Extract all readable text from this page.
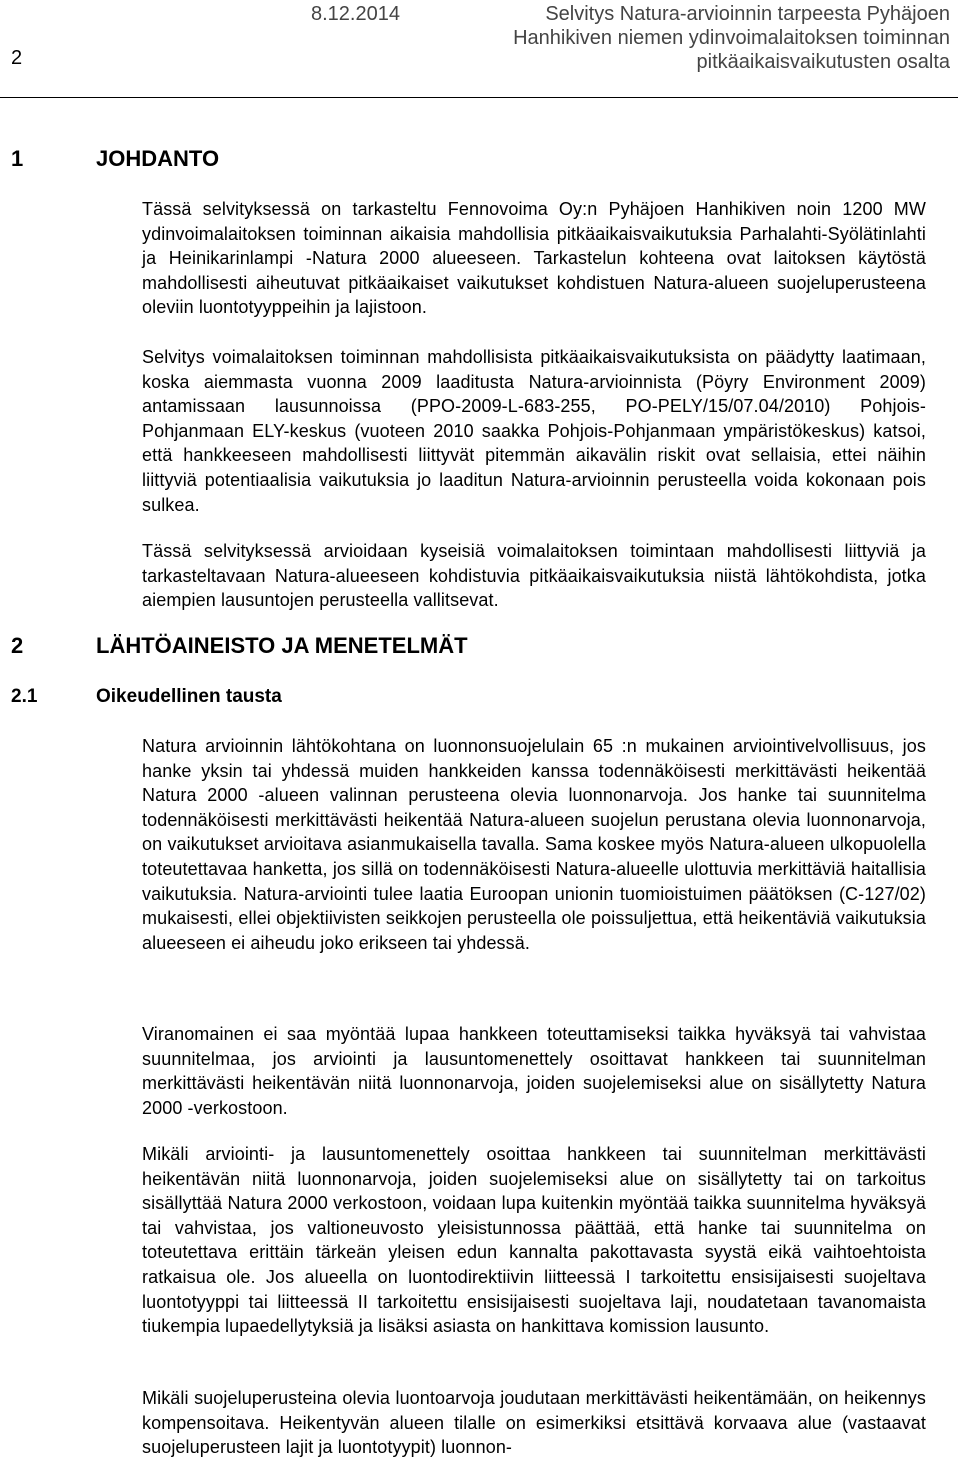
2
8.12.2014	Selvitys Natura-arvioinnin tarpeesta Pyhäjoen Hanhikiven niemen ydinvoimalaitoksen toiminnan pitkäaikaisvaikutusten osalta
1	JOHDANTO

Tässä selvityksessä on tarkasteltu Fennovoima Oy:n Pyhäjoen Hanhikiven noin 1200 MW ydinvoimalaitoksen toiminnan aikaisia mahdollisia pitkäaikaisvaikutuksia Parhalahti-Syölätinlahti ja Heinikarinlampi -Natura 2000 alueeseen. Tarkastelun kohteena ovat laitoksen käytöstä mahdollisesti aiheutuvat pitkäaikaiset vaikutukset kohdistuen Natura-alueen suojeluperusteena oleviin luontotyyppeihin ja lajistoon.

Selvitys voimalaitoksen toiminnan mahdollisista pitkäaikaisvaikutuksista on päädytty laatimaan, koska aiemmasta vuonna 2009 laaditusta Natura-arvioinnista (Pöyry Environment 2009) antamissaan lausunnoissa (PPO-2009-L-683-255, PO-PELY/15/07.04/2010) Pohjois-Pohjanmaan ELY-keskus (vuoteen 2010 saakka Pohjois-Pohjanmaan ympäristökeskus) katsoi, että hankkeeseen mahdollisesti liittyvät pitemmän aikavälin riskit ovat sellaisia, ettei näihin liittyviä potentiaalisia vaikutuksia jo laaditun Natura-arvioinnin perusteella voida kokonaan pois sulkea.

Tässä selvityksessä arvioidaan kyseisiä voimalaitoksen toimintaan mahdollisesti liittyviä ja tarkasteltavaan Natura-alueeseen kohdistuvia pitkäaikaisvaikutuksia niistä lähtökohdista, jotka aiempien lausuntojen perusteella vallitsevat.

2	LÄHTÖAINEISTO JA MENETELMÄT
2.1	Oikeudellinen tausta

Natura arvioinnin lähtökohtana on luonnonsuojelulain 65 :n mukainen arviointivelvollisuus, jos hanke yksin tai yhdessä muiden hankkeiden kanssa todennäköisesti merkittävästi heikentää Natura 2000 -alueen valinnan perusteena olevia luonnonarvoja. Jos hanke tai suunnitelma todennäköisesti merkittävästi heikentää Natura-alueen suojelun perustana olevia luonnonarvoja, on vaikutukset arvioitava asianmukaisella tavalla. Sama koskee myös Natura-alueen ulkopuolella toteutettavaa hanketta, jos sillä on todennäköisesti Natura-alueelle ulottuvia merkittäviä haitallisia vaikutuksia. Natura-arviointi tulee laatia Euroopan unionin tuomioistuimen päätöksen (C-127/02) mukaisesti, ellei objektiivisten seikkojen perusteella ole poissuljettua, että heikentäviä vaikutuksia alueeseen ei aiheudu joko erikseen tai yhdessä.

Viranomainen ei saa myöntää lupaa hankkeen toteuttamiseksi taikka hyväksyä tai vahvistaa suunnitelmaa, jos arviointi ja lausuntomenettely osoittavat hankkeen tai suunnitelman merkittävästi heikentävän niitä luonnonarvoja, joiden suojelemiseksi alue on sisällytetty Natura 2000 -verkostoon.

Mikäli arviointi- ja lausuntomenettely osoittaa hankkeen tai suunnitelman merkittävästi heikentävän niitä luonnonarvoja, joiden suojelemiseksi alue on sisällytetty tai on tarkoitus sisällyttää Natura 2000 verkostoon, voidaan lupa kuitenkin myöntää taikka suunnitelma hyväksyä tai vahvistaa, jos valtioneuvosto yleisistunnossa päättää, että hanke tai suunnitelma on toteutettava erittäin tärkeän yleisen edun kannalta pakottavasta syystä eikä vaihtoehtoista ratkaisua ole. Jos alueella on luontodirektiivin liitteessä I tarkoitettu ensisijaisesti suojeltava luontotyyppi tai liitteessä II tarkoitettu ensisijaisesti suojeltava laji, noudatetaan tavanomaista tiukempia lupaedellytyksiä ja lisäksi asiasta on hankittava komission lausunto.

Mikäli suojeluperusteina olevia luontoarvoja joudutaan merkittävästi heikentämään, on heikennys kompensoitava. Heikentyvän alueen tilalle on esimerkiksi etsittävä korvaava alue (vastaavat suojeluperusteen lajit ja luontotyypit) luonnon-
